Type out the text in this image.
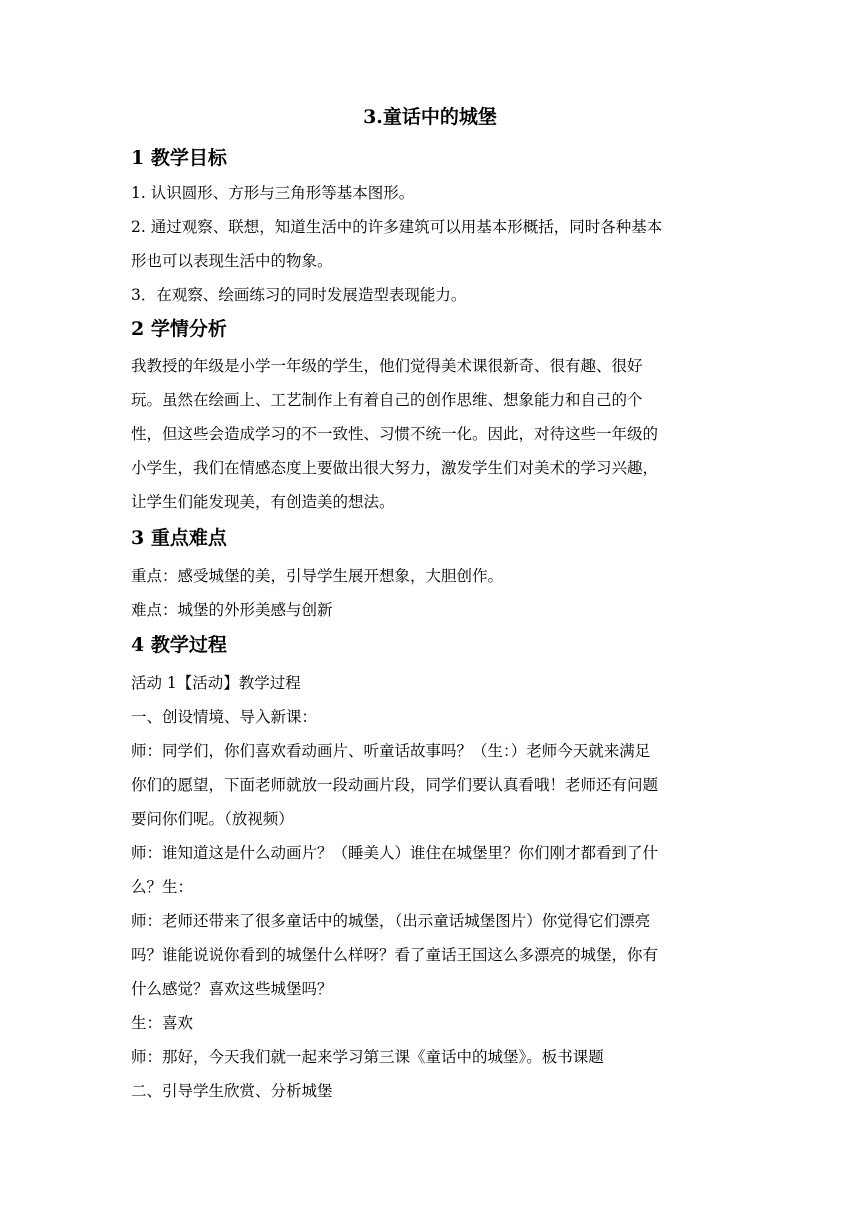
3.童话中的城堡
1 教学目标
1. 认识圆形、方形与三角形等基本图形。
2. 通过观察、联想，知道生活中的许多建筑可以用基本形概括，同时各种基本
形也可以表现生活中的物象。
3．在观察、绘画练习的同时发展造型表现能力。
2 学情分析
我教授的年级是小学一年级的学生，他们觉得美术课很新奇、很有趣、很好
玩。虽然在绘画上、工艺制作上有着自己的创作思维、想象能力和自己的个
性，但这些会造成学习的不一致性、习惯不统一化。因此，对待这些一年级的
小学生，我们在情感态度上要做出很大努力，激发学生们对美术的学习兴趣，
让学生们能发现美，有创造美的想法。
3 重点难点
重点：感受城堡的美，引导学生展开想象，大胆创作。
难点：城堡的外形美感与创新
4 教学过程
活动 1【活动】教学过程
一、创设情境、导入新课：
师：同学们，你们喜欢看动画片、听童话故事吗？（生：）老师今天就来满足
你们的愿望，下面老师就放一段动画片段，同学们要认真看哦！老师还有问题
要问你们呢。（放视频）
师：谁知道这是什么动画片？（睡美人）谁住在城堡里？你们刚才都看到了什
么？生：
师：老师还带来了很多童话中的城堡，（出示童话城堡图片）你觉得它们漂亮
吗？谁能说说你看到的城堡什么样呀？看了童话王国这么多漂亮的城堡，你有
什么感觉？喜欢这些城堡吗？
生：喜欢
师：那好，今天我们就一起来学习第三课《童话中的城堡》。板书课题
二、引导学生欣赏、分析城堡
